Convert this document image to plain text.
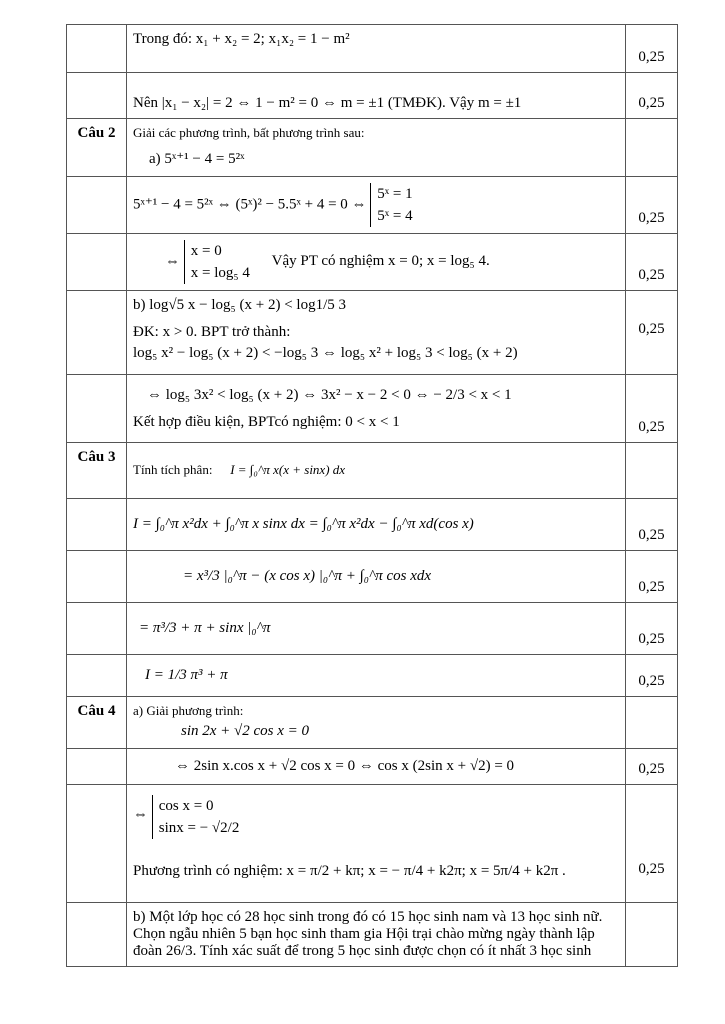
	Trong đó: x₁ + x₂ = 2; x₁x₂ = 1 − m²	0,25
	Nên |x₁ − x₂| = 2 ⇔ 1 − m² = 0 ⇔ m = ±1 (TMĐK). Vậy m = ±1	0,25
Câu 2	Giải các phương trình, bất phương trình sau:
a) 5ˣ⁺¹ − 4 = 5²ˣ	

	5ˣ⁺¹ − 4 = 5²ˣ ⇔ (5ˣ)² − 5.5ˣ + 4 = 0 ⇔
5ˣ = 1
5ˣ = 4	0,25
	⇔
x = 0
x = log₅ 4
Vậy PT có nghiệm x = 0; x = log₅ 4.	0,25

	b) log√5 x − log₅ (x + 2) < log1/5 3
ĐK: x > 0. BPT trở thành:
log₅ x² − log₅ (x + 2) < −log₅ 3 ⇔ log₅ x² + log₅ 3 < log₅ (x + 2)	0,25

	⇔ log₅ 3x² < log₅ (x + 2) ⇔ 3x² − x − 2 < 0 ⇔ − 2/3 < x < 1
Kết hợp điều kiện, BPTcó nghiệm: 0 < x < 1	0,25
Câu 3	Tính tích phân: I = ∫₀^π x(x + sinx) dx	
	I = ∫₀^π x²dx + ∫₀^π x sinx dx = ∫₀^π x²dx − ∫₀^π xd(cos x)	0,25
	= x³/3 |₀^π − (x cos x) |₀^π + ∫₀^π cos xdx	0,25
	= π³/3 + π + sinx |₀^π	0,25
	I = 1/3 π³ + π	0,25
Câu 4	a) Giải phương trình:
sin 2x + √2 cos x = 0	

	⇔ 2sin x.cos x + √2 cos x = 0 ⇔ cos x (2sin x + √2) = 0	0,25
	⇔
cos x = 0
sinx = − √2/2
Phương trình có nghiệm: x = π/2 + kπ; x = − π/4 + k2π; x = 5π/4 + k2π .	0,25
	b) Một lớp học có 28 học sinh trong đó có 15 học sinh nam và 13 học sinh nữ. Chọn ngẫu nhiên 5 bạn học sinh tham gia Hội trại chào mừng ngày thành lập đoàn 26/3. Tính xác suất để trong 5 học sinh được chọn có ít nhất 3 học sinh	
